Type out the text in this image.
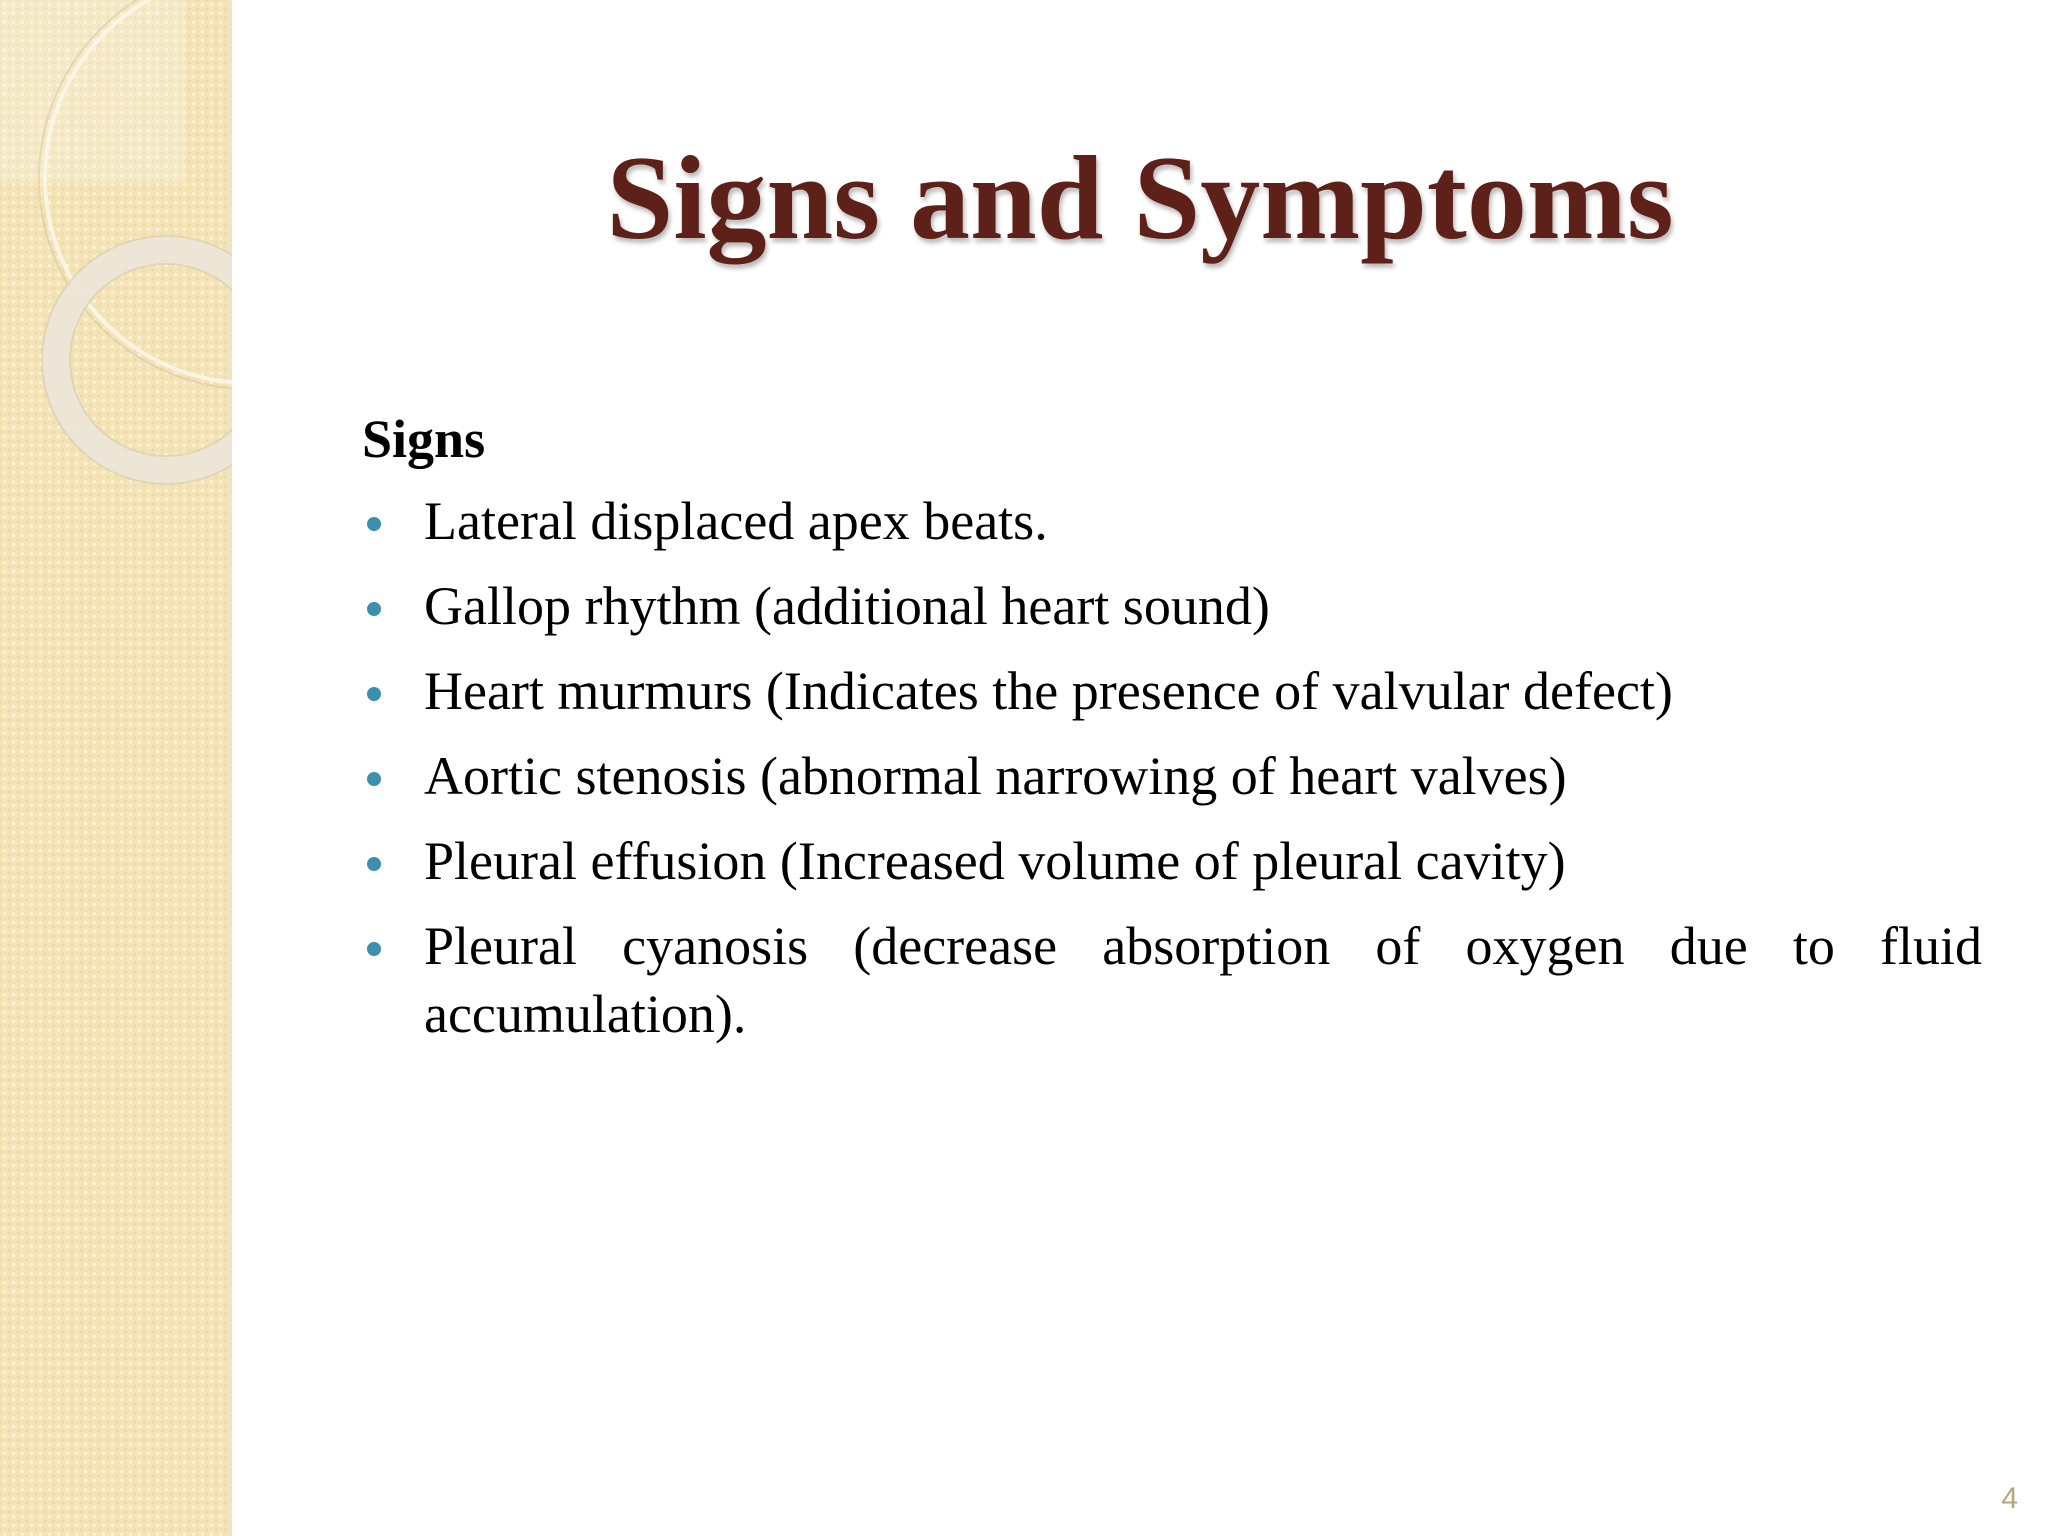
Signs and Symptoms
Signs
Lateral displaced apex beats.
Gallop rhythm (additional heart sound)
Heart murmurs (Indicates the presence of valvular defect)
Aortic stenosis (abnormal narrowing of heart valves)
Pleural effusion (Increased volume of pleural cavity)
Pleural cyanosis (decrease absorption of oxygen due to fluid accumulation).
4
